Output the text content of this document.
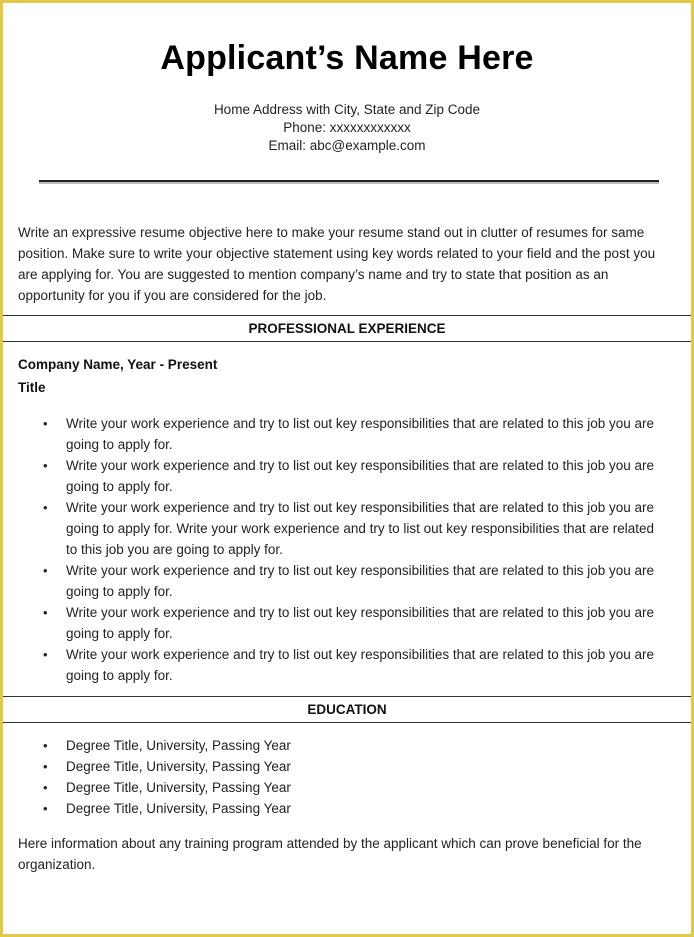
Applicant’s Name Here
Home Address with City, State and Zip Code
Phone: xxxxxxxxxxxx
Email: abc@example.com
Write an expressive resume objective here to make your resume stand out in clutter of resumes for same position. Make sure to write your objective statement using key words related to your field and the post you are applying for. You are suggested to mention company’s name and try to state that position as an opportunity for you if you are considered for the job.
PROFESSIONAL EXPERIENCE
Company Name, Year - Present
Title
• Write your work experience and try to list out key responsibilities that are related to this job you are going to apply for.
• Write your work experience and try to list out key responsibilities that are related to this job you are going to apply for.
• Write your work experience and try to list out key responsibilities that are related to this job you are going to apply for. Write your work experience and try to list out key responsibilities that are related to this job you are going to apply for.
• Write your work experience and try to list out key responsibilities that are related to this job you are going to apply for.
• Write your work experience and try to list out key responsibilities that are related to this job you are going to apply for.
• Write your work experience and try to list out key responsibilities that are related to this job you are going to apply for.
EDUCATION
• Degree Title, University, Passing Year
• Degree Title, University, Passing Year
• Degree Title, University, Passing Year
• Degree Title, University, Passing Year
Here information about any training program attended by the applicant which can prove beneficial for the organization.
